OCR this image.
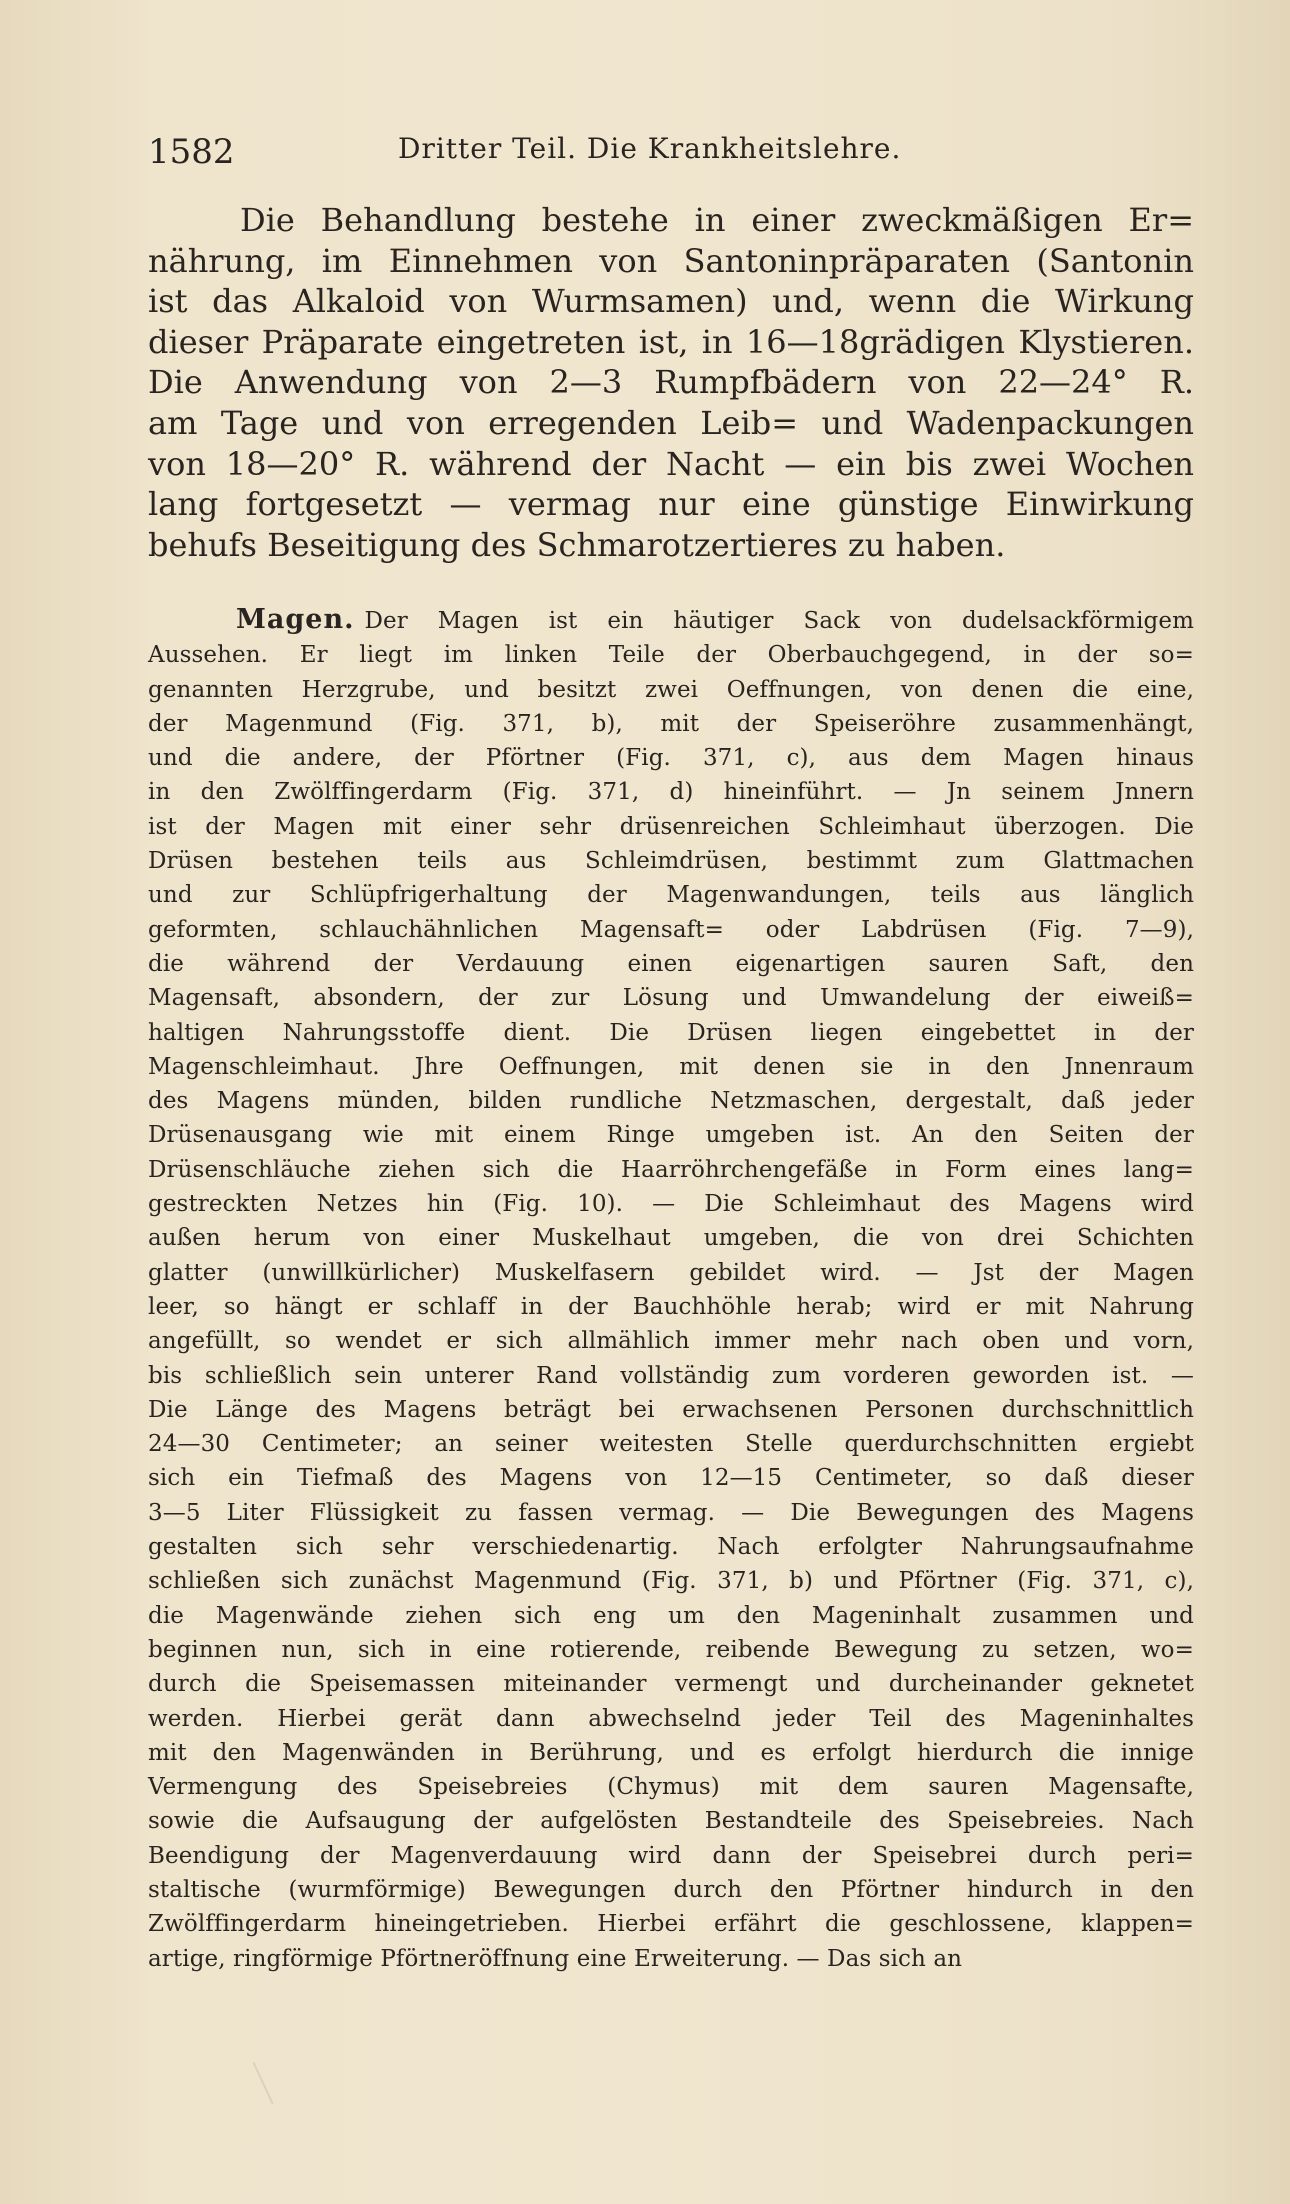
1582	Dritter Teil. Die Krankheitslehre.

Die Behandlung bestehe in einer zweckmäßigen Er=
nährung, im Einnehmen von Santoninpräparaten (Santonin
ist das Alkaloid von Wurmsamen) und, wenn die Wirkung
dieser Präparate eingetreten ist, in 16—18grädigen Klystieren.
Die Anwendung von 2—3 Rumpfbädern von 22—24° R.
am Tage und von erregenden Leib= und Wadenpackungen
von 18—20° R. während der Nacht — ein bis zwei Wochen
lang fortgesetzt — vermag nur eine günstige Einwirkung
behufs Beseitigung des Schmarotzertieres zu haben.

Magen. Der Magen ist ein häutiger Sack von dudelsackförmigem
Aussehen. Er liegt im linken Teile der Oberbauchgegend, in der so=
genannten Herzgrube, und besitzt zwei Oeffnungen, von denen die eine,
der Magenmund (Fig. 371, b), mit der Speiseröhre zusammenhängt,
und die andere, der Pförtner (Fig. 371, c), aus dem Magen hinaus
in den Zwölffingerdarm (Fig. 371, d) hineinführt. — Jn seinem Jnnern
ist der Magen mit einer sehr drüsenreichen Schleimhaut überzogen. Die
Drüsen bestehen teils aus Schleimdrüsen, bestimmt zum Glattmachen
und zur Schlüpfrigerhaltung der Magenwandungen, teils aus länglich
geformten, schlauchähnlichen Magensaft= oder Labdrüsen (Fig. 7—9),
die während der Verdauung einen eigenartigen sauren Saft, den
Magensaft, absondern, der zur Lösung und Umwandelung der eiweiß=
haltigen Nahrungsstoffe dient. Die Drüsen liegen eingebettet in der
Magenschleimhaut. Jhre Oeffnungen, mit denen sie in den Jnnenraum
des Magens münden, bilden rundliche Netzmaschen, dergestalt, daß jeder
Drüsenausgang wie mit einem Ringe umgeben ist. An den Seiten der
Drüsenschläuche ziehen sich die Haarröhrchengefäße in Form eines lang=
gestreckten Netzes hin (Fig. 10). — Die Schleimhaut des Magens wird
außen herum von einer Muskelhaut umgeben, die von drei Schichten
glatter (unwillkürlicher) Muskelfasern gebildet wird. — Jst der Magen
leer, so hängt er schlaff in der Bauchhöhle herab; wird er mit Nahrung
angefüllt, so wendet er sich allmählich immer mehr nach oben und vorn,
bis schließlich sein unterer Rand vollständig zum vorderen geworden ist. —
Die Länge des Magens beträgt bei erwachsenen Personen durchschnittlich
24—30 Centimeter; an seiner weitesten Stelle querdurchschnitten ergiebt
sich ein Tiefmaß des Magens von 12—15 Centimeter, so daß dieser
3—5 Liter Flüssigkeit zu fassen vermag. — Die Bewegungen des Magens
gestalten sich sehr verschiedenartig. Nach erfolgter Nahrungsaufnahme
schließen sich zunächst Magenmund (Fig. 371, b) und Pförtner (Fig. 371, c),
die Magenwände ziehen sich eng um den Mageninhalt zusammen und
beginnen nun, sich in eine rotierende, reibende Bewegung zu setzen, wo=
durch die Speisemassen miteinander vermengt und durcheinander geknetet
werden. Hierbei gerät dann abwechselnd jeder Teil des Mageninhaltes
mit den Magenwänden in Berührung, und es erfolgt hierdurch die innige
Vermengung des Speisebreies (Chymus) mit dem sauren Magensafte,
sowie die Aufsaugung der aufgelösten Bestandteile des Speisebreies. Nach
Beendigung der Magenverdauung wird dann der Speisebrei durch peri=
staltische (wurmförmige) Bewegungen durch den Pförtner hindurch in den
Zwölffingerdarm hineingetrieben. Hierbei erfährt die geschlossene, klappen=
artige, ringförmige Pförtneröffnung eine Erweiterung. — Das sich an
